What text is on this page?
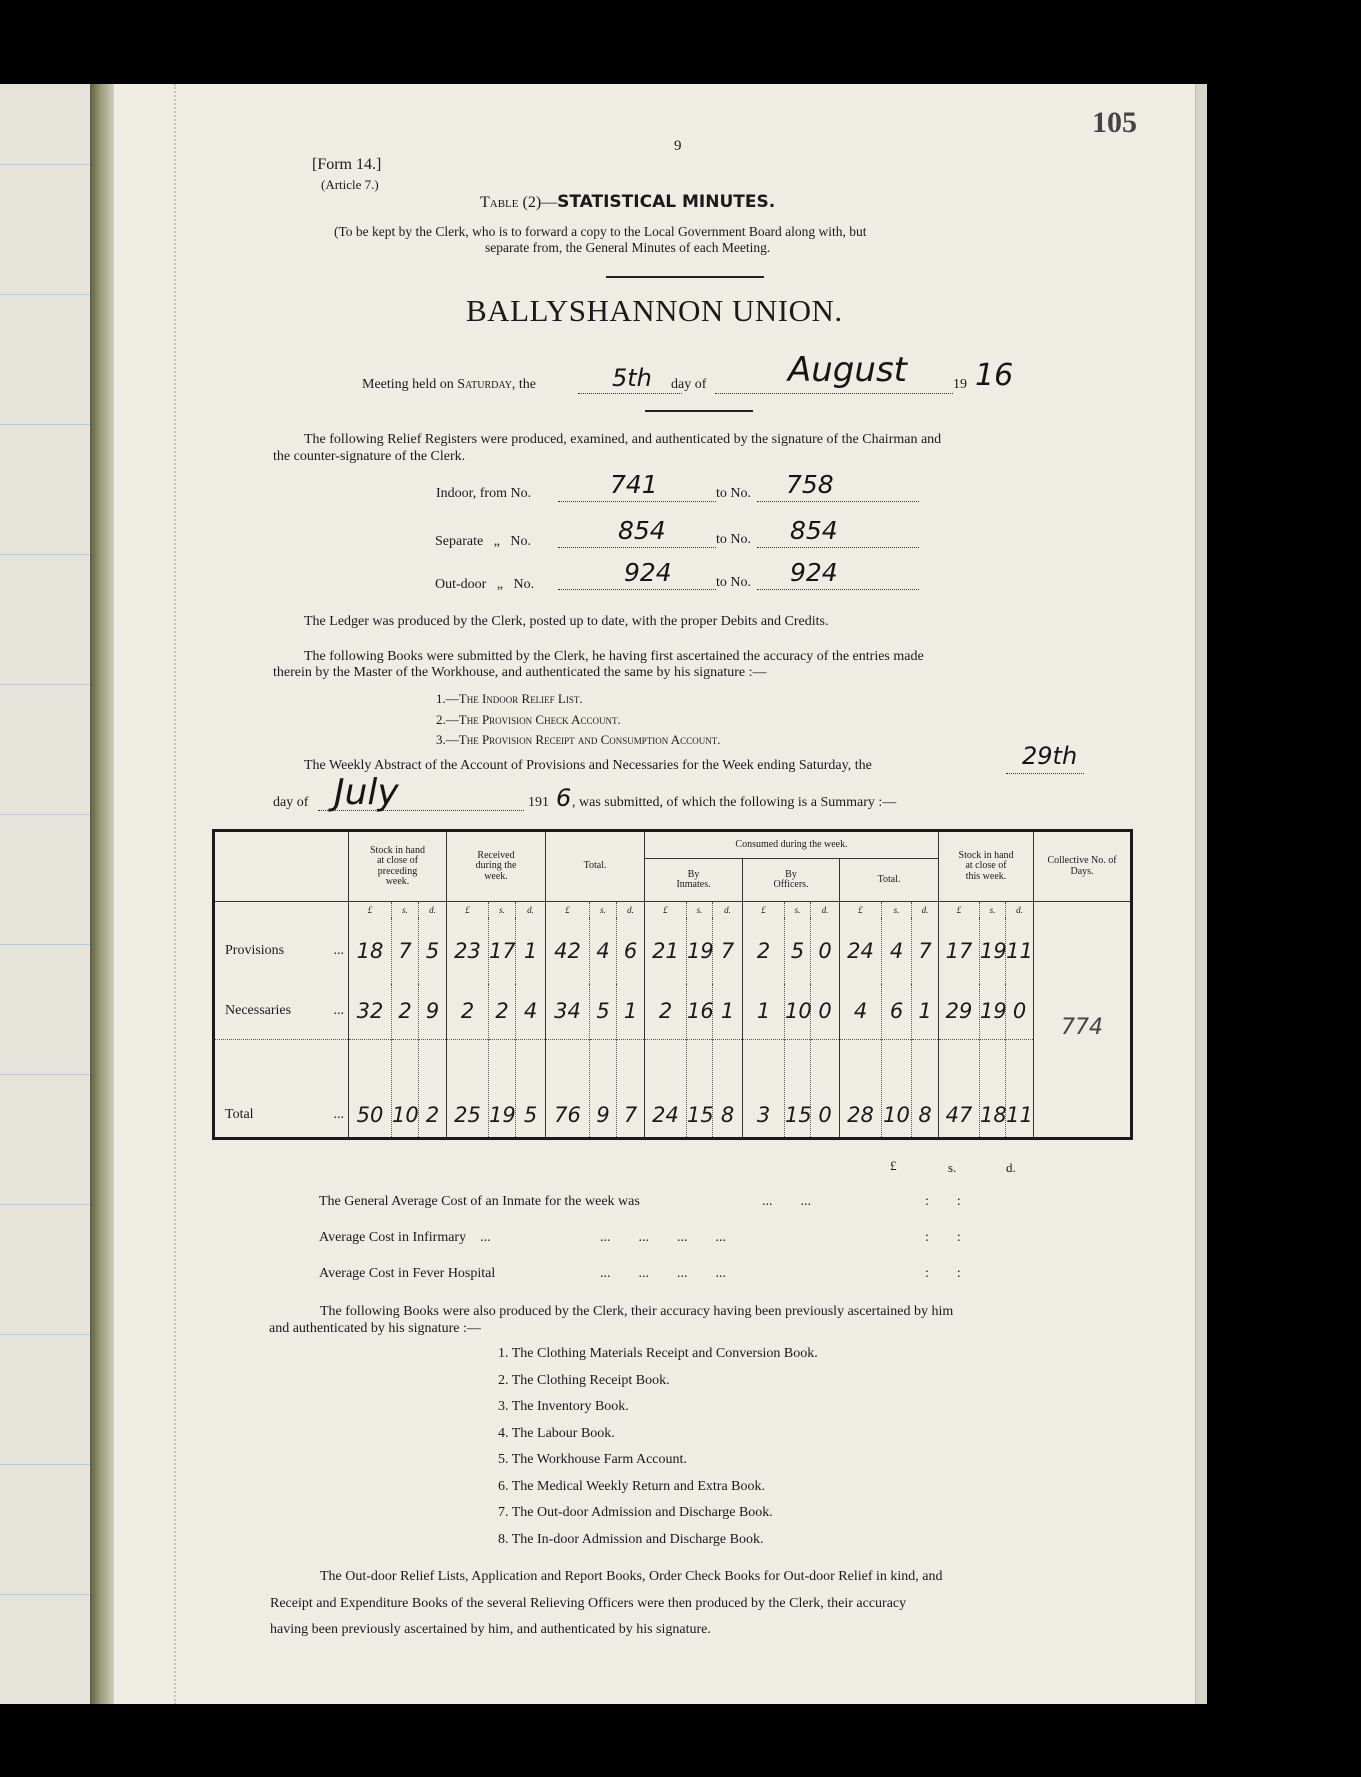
105
9
[Form 14.]
(Article 7.)
Table (2)—STATISTICAL MINUTES.
(To be kept by the Clerk, who is to forward a copy to the Local Government Board along with, but
separate from, the General Minutes of each Meeting.
BALLYSHANNON UNION.
Meeting held on Saturday, the	5th day of August	19 16
The following Relief Registers were produced, examined, and authenticated by the signature of the Chairman and
the counter-signature of the Clerk.
Indoor, from No.	741	to No. 758
Separate   „   No.	854	to No. 854
Out-door   „   No.	924	to No. 924
The Ledger was produced by the Clerk, posted up to date, with the proper Debits and Credits.
The following Books were submitted by the Clerk, he having first ascertained the accuracy of the entries made
therein by the Master of the Workhouse, and authenticated the same by his signature :—
1.—The Indoor Relief List.
2.—The Provision Check Account.
3.—The Provision Receipt and Consumption Account.
The Weekly Abstract of the Account of Provisions and Necessaries for the Week ending Saturday, the	29th
day of July	191 6 , was submitted, of which the following is a Summary :—
	Stock in hand at close of preceding week.			Received during the week.			Total.			Consumed during the week.									Stock in hand at close of this week.			Collective No. of Days.
										By Inmates.			By Officers.			Total.						
	£	s.	d.	£	s.	d.	£	s.	d.	£	s.	d.	£	s.	d.	£	s.	d.	£	s.	d.	
Provisions ...	18	7	5	23	17	1	42	4	6	21	19	7	2	5	0	24	4	7	17	19	11	774
Necessaries ...	32	2	9	2	2	4	34	5	1	2	16	1	1	10	0	4	6	1	29	19	0	
Total ...	50	10	2	25	19	5	76	9	7	24	15	8	3	15	0	28	10	8	47	18	11	
£	s.	d.
The General Average Cost of an Inmate for the week was	...        ...	:        :
Average Cost in Infirmary    ...	...        ...        ...        ...	:        :
Average Cost in Fever Hospital	...        ...        ...        ...	:        :
The following Books were also produced by the Clerk, their accuracy having been previously ascertained by him
and authenticated by his signature :—
1. The Clothing Materials Receipt and Conversion Book.
2. The Clothing Receipt Book.
3. The Inventory Book.
4. The Labour Book.
5. The Workhouse Farm Account.
6. The Medical Weekly Return and Extra Book.
7. The Out-door Admission and Discharge Book.
8. The In-door Admission and Discharge Book.
The Out-door Relief Lists, Application and Report Books, Order Check Books for Out-door Relief in kind, and
Receipt and Expenditure Books of the several Relieving Officers were then produced by the Clerk, their accuracy
having been previously ascertained by him, and authenticated by his signature.
